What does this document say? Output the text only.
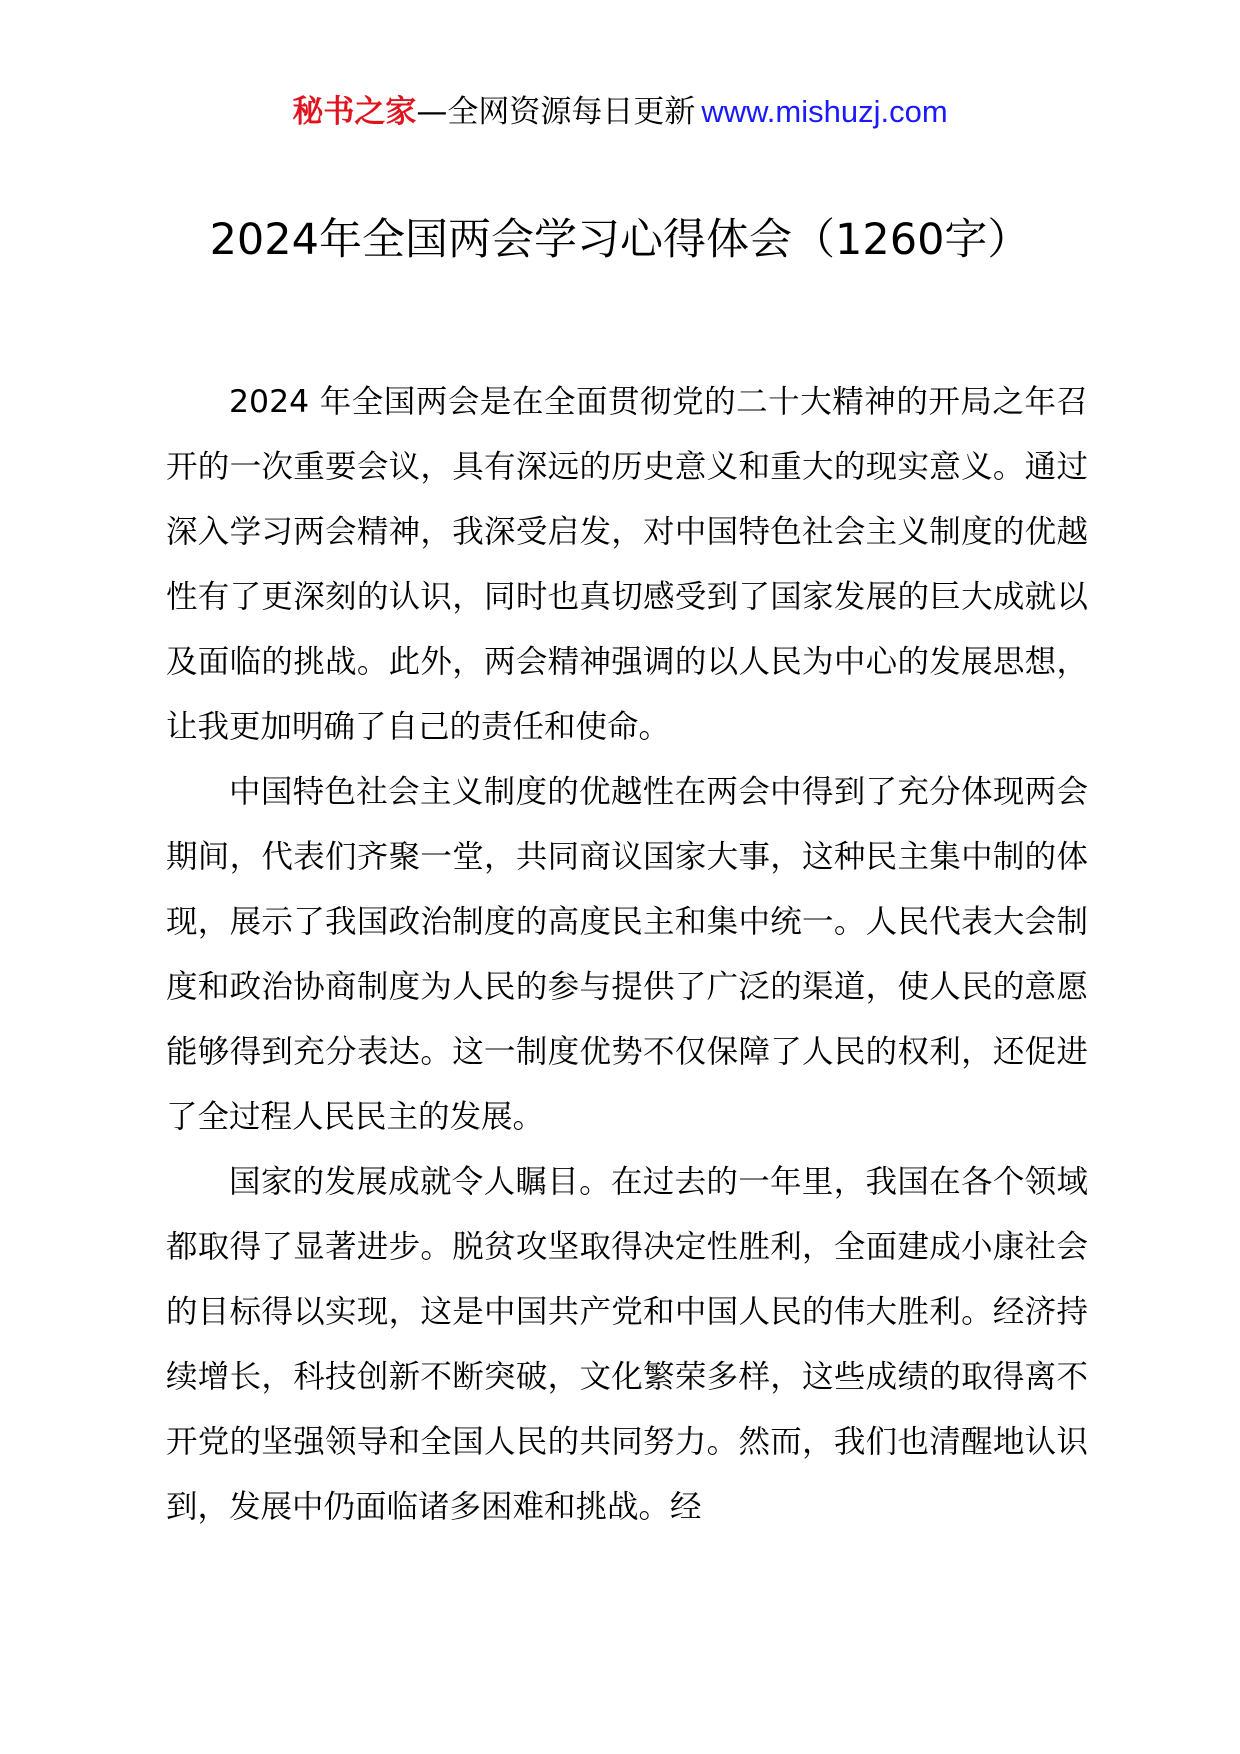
秘书之家—全网资源每日更新 www.mishuzj.com
2024年全国两会学习心得体会（1260字）

2024 年全国两会是在全面贯彻党的二十大精神的开局之年召开的一次重要会议，具有深远的历史意义和重大的现实意义。通过深入学习两会精神，我深受启发，对中国特色社会主义制度的优越性有了更深刻的认识，同时也真切感受到了国家发展的巨大成就以及面临的挑战。此外，两会精神强调的以人民为中心的发展思想，让我更加明确了自己的责任和使命。

中国特色社会主义制度的优越性在两会中得到了充分体现两会期间，代表们齐聚一堂，共同商议国家大事，这种民主集中制的体现，展示了我国政治制度的高度民主和集中统一。人民代表大会制度和政治协商制度为人民的参与提供了广泛的渠道，使人民的意愿能够得到充分表达。这一制度优势不仅保障了人民的权利，还促进了全过程人民民主的发展。

国家的发展成就令人瞩目。在过去的一年里，我国在各个领域都取得了显著进步。脱贫攻坚取得决定性胜利，全面建成小康社会的目标得以实现，这是中国共产党和中国人民的伟大胜利。经济持续增长，科技创新不断突破，文化繁荣多样，这些成绩的取得离不开党的坚强领导和全国人民的共同努力。然而，我们也清醒地认识到，发展中仍面临诸多困难和挑战。经
